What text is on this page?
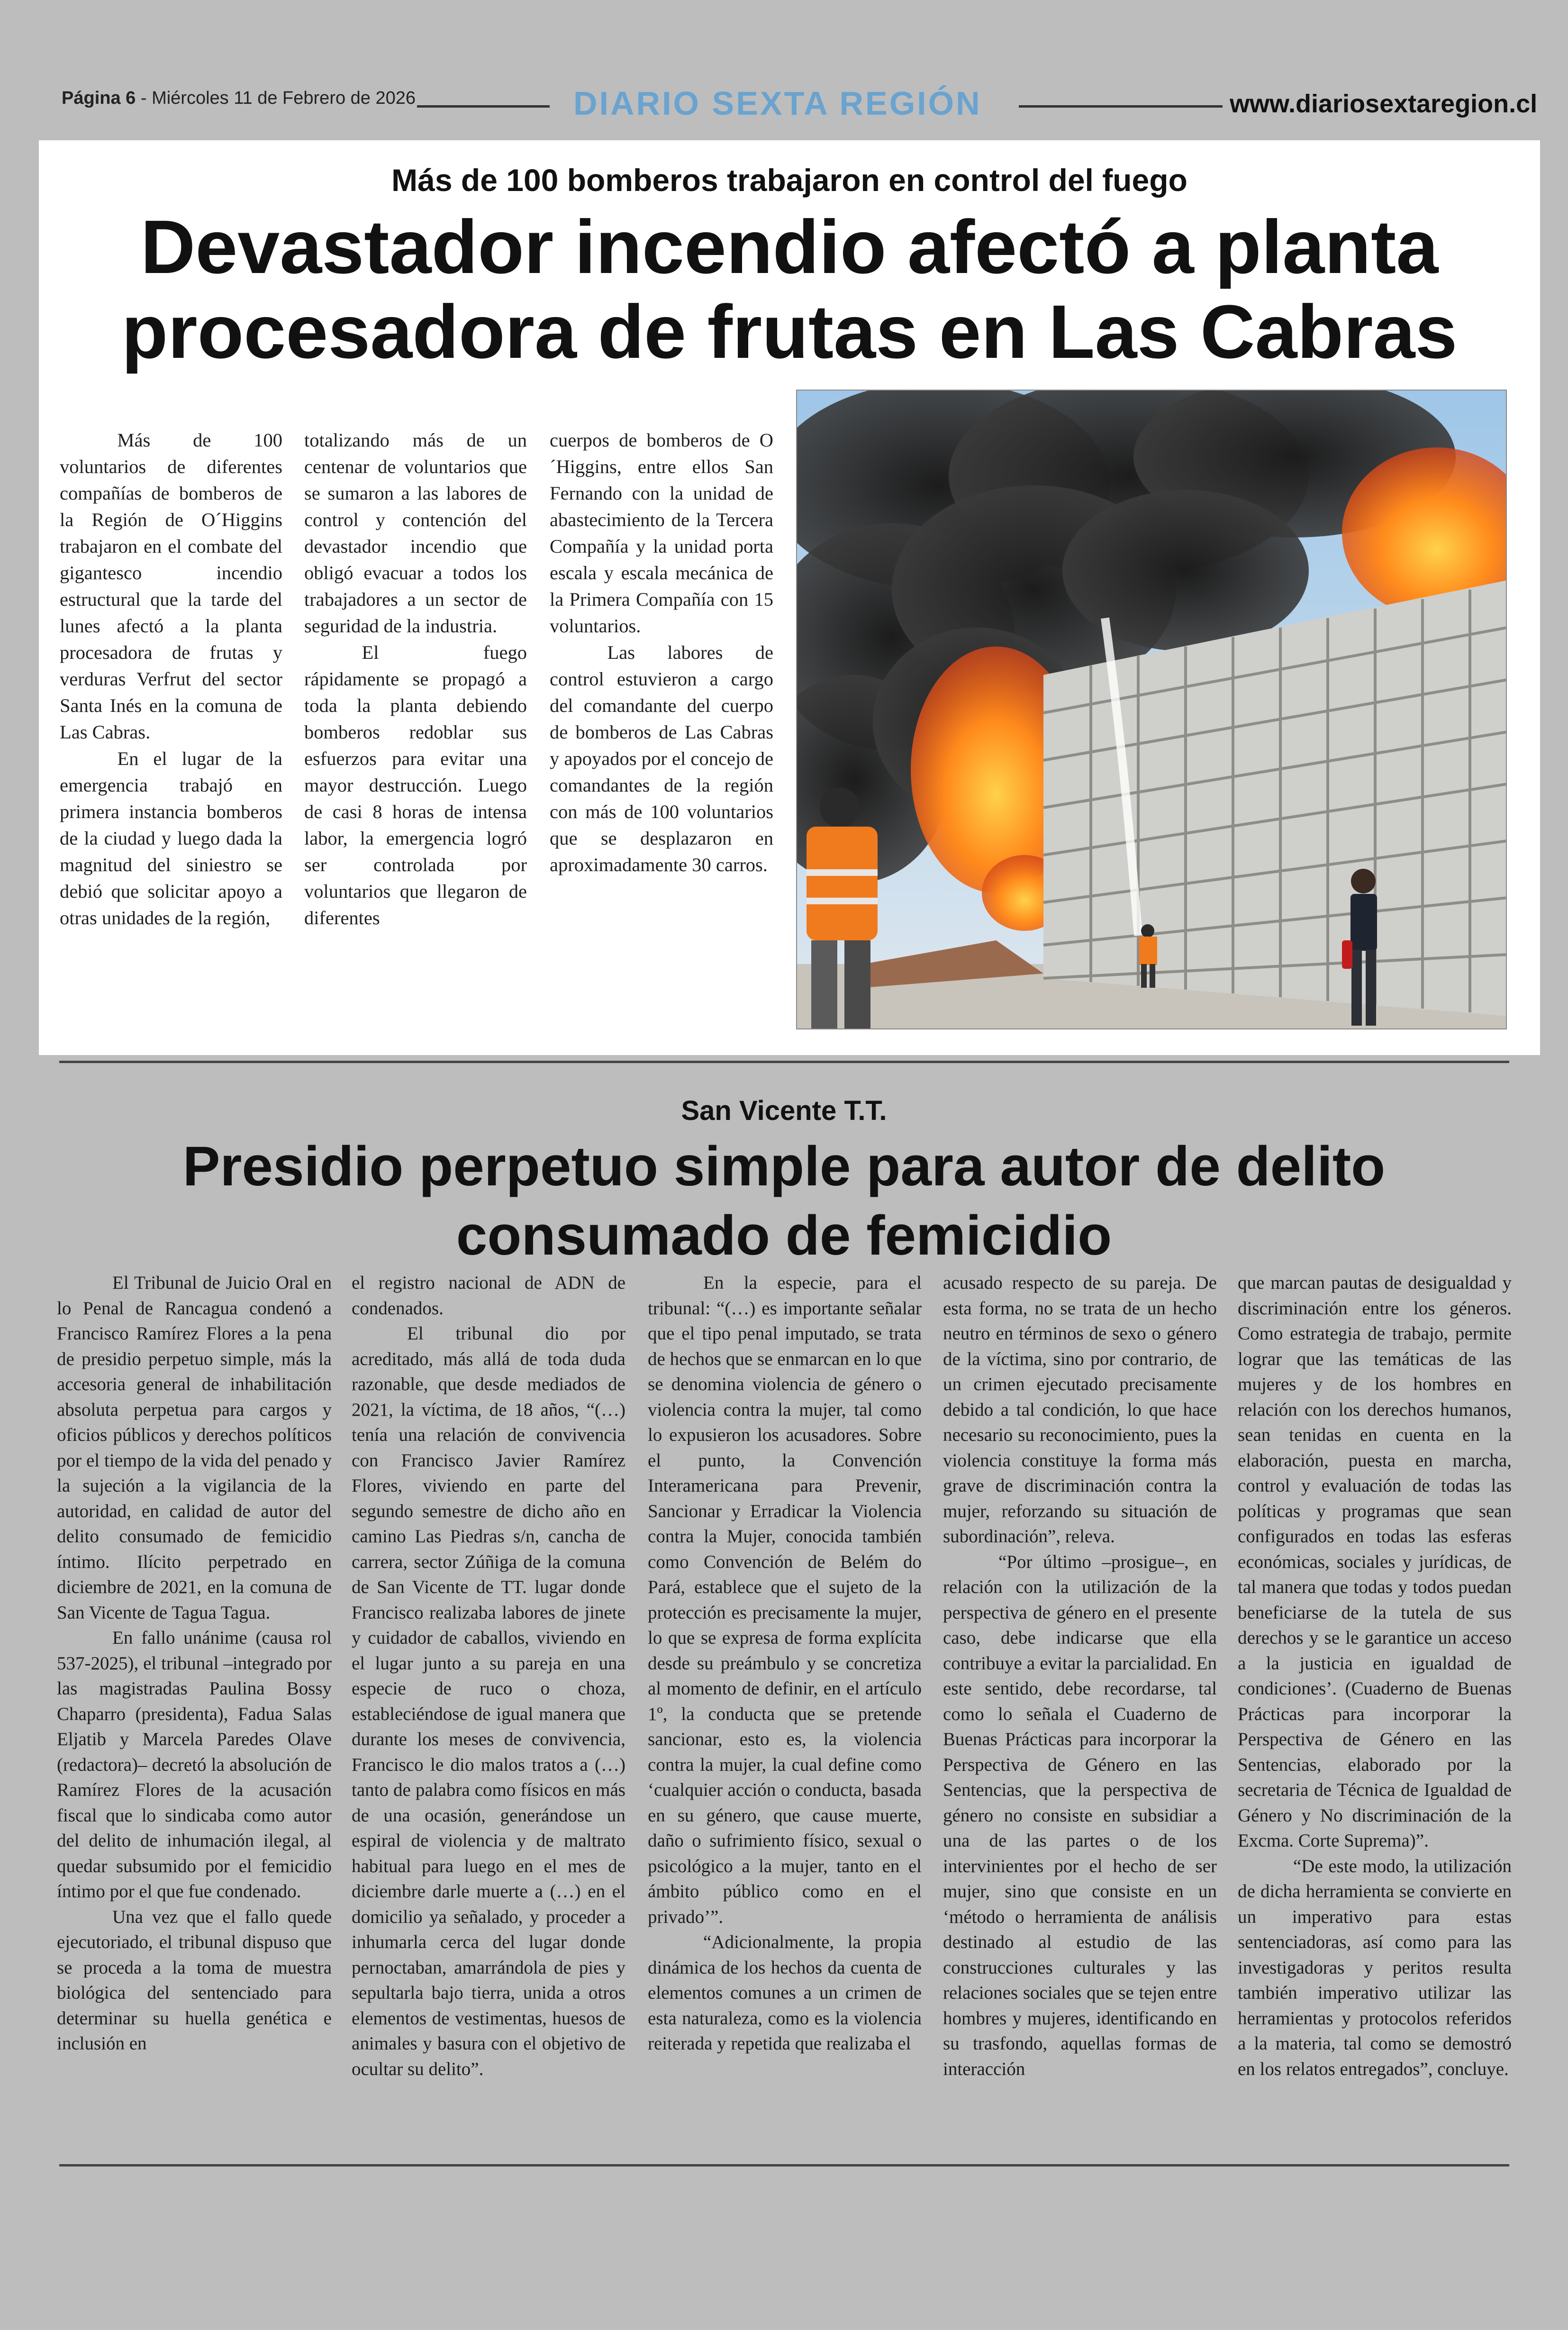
Página 6 - Miércoles 11 de Febrero de 2026	DIARIO SEXTA REGIÓN	www.diariosextaregion.cl
Más de 100 bomberos trabajaron en control del fuego
Devastador incendio afectó a planta
procesadora de frutas en Las Cabras

Más de 100 voluntarios de diferentes compañías de bomberos de la Región de O´Higgins trabajaron en el combate del gigantesco incendio estructural que la tarde del lunes afectó a la planta procesadora de frutas y verduras Verfrut del sector Santa Inés en la comuna de Las Cabras.

En el lugar de la emergencia trabajó en primera instancia bomberos de la ciudad y luego dada la magnitud del siniestro se debió que solicitar apoyo a otras unidades de la región,

totalizando más de un centenar de voluntarios que se sumaron a las labores de control y contención del devastador incendio que obligó evacuar a todos los trabajadores a un sector de seguridad de la industria.

El fuego rápidamente se propagó a toda la planta debiendo bomberos redoblar sus esfuerzos para evitar una mayor destrucción. Luego de casi 8 horas de intensa labor, la emergencia logró ser controlada por voluntarios que llegaron de diferentes

cuerpos de bomberos de O´Higgins, entre ellos San Fernando con la unidad de abastecimiento de la Tercera Compañía y la unidad porta escala y escala mecánica de la Primera Compañía con 15 voluntarios.

Las labores de control estuvieron a cargo del comandante del cuerpo de bomberos de Las Cabras y apoyados por el concejo de comandantes de la región con más de 100 voluntarios que se desplazaron en aproximadamente 30 carros.

San Vicente T.T.
Presidio perpetuo simple para autor de delito
consumado de femicidio

El Tribunal de Juicio Oral en lo Penal de Rancagua condenó a Francisco Ramírez Flores a la pena de presidio perpetuo simple, más la accesoria general de inhabilitación absoluta perpetua para cargos y oficios públicos y derechos políticos por el tiempo de la vida del penado y la sujeción a la vigilancia de la autoridad, en calidad de autor del delito consumado de femicidio íntimo. Ilícito perpetrado en diciembre de 2021, en la comuna de San Vicente de Tagua Tagua.

En fallo unánime (causa rol 537-2025), el tribunal –integrado por las magistradas Paulina Bossy Chaparro (presidenta), Fadua Salas Eljatib y Marcela Paredes Olave (redactora)– decretó la absolución de Ramírez Flores de la acusación fiscal que lo sindicaba como autor del delito de inhumación ilegal, al quedar subsumido por el femicidio íntimo por el que fue condenado.

Una vez que el fallo quede ejecutoriado, el tribunal dispuso que se proceda a la toma de muestra biológica del sentenciado para determinar su huella genética e inclusión en

el registro nacional de ADN de condenados.

El tribunal dio por acreditado, más allá de toda duda razonable, que desde mediados de 2021, la víctima, de 18 años, “(…) tenía una relación de convivencia con Francisco Javier Ramírez Flores, viviendo en parte del segundo semestre de dicho año en camino Las Piedras s/n, cancha de carrera, sector Zúñiga de la comuna de San Vicente de TT. lugar donde Francisco realizaba labores de jinete y cuidador de caballos, viviendo en el lugar junto a su pareja en una especie de ruco o choza, estableciéndose de igual manera que durante los meses de convivencia, Francisco le dio malos tratos a (…) tanto de palabra como físicos en más de una ocasión, generándose un espiral de violencia y de maltrato habitual para luego en el mes de diciembre darle muerte a (…) en el domicilio ya señalado, y proceder a inhumarla cerca del lugar donde pernoctaban, amarrándola de pies y sepultarla bajo tierra, unida a otros elementos de vestimentas, huesos de animales y basura con el objetivo de ocultar su delito”.

En la especie, para el tribunal: “(…) es importante señalar que el tipo penal imputado, se trata de hechos que se enmarcan en lo que se denomina violencia de género o violencia contra la mujer, tal como lo expusieron los acusadores. Sobre el punto, la Convención Interamericana para Prevenir, Sancionar y Erradicar la Violencia contra la Mujer, conocida también como Convención de Belém do Pará, establece que el sujeto de la protección es precisamente la mujer, lo que se expresa de forma explícita desde su preámbulo y se concretiza al momento de definir, en el artículo 1º, la conducta que se pretende sancionar, esto es, la violencia contra la mujer, la cual define como ‘cualquier acción o conducta, basada en su género, que cause muerte, daño o sufrimiento físico, sexual o psicológico a la mujer, tanto en el ámbito público como en el privado’”.

“Adicionalmente, la propia dinámica de los hechos da cuenta de elementos comunes a un crimen de esta naturaleza, como es la violencia reiterada y repetida que realizaba el

acusado respecto de su pareja. De esta forma, no se trata de un hecho neutro en términos de sexo o género de la víctima, sino por contrario, de un crimen ejecutado precisamente debido a tal condición, lo que hace necesario su reconocimiento, pues la violencia constituye la forma más grave de discriminación contra la mujer, reforzando su situación de subordinación”, releva.

“Por último –prosigue–, en relación con la utilización de la perspectiva de género en el presente caso, debe indicarse que ella contribuye a evitar la parcialidad. En este sentido, debe recordarse, tal como lo señala el Cuaderno de Buenas Prácticas para incorporar la Perspectiva de Género en las Sentencias, que la perspectiva de género no consiste en subsidiar a una de las partes o de los intervinientes por el hecho de ser mujer, sino que consiste en un ‘método o herramienta de análisis destinado al estudio de las construcciones culturales y las relaciones sociales que se tejen entre hombres y mujeres, identificando en su trasfondo, aquellas formas de interacción

que marcan pautas de desigualdad y discriminación entre los géneros. Como estrategia de trabajo, permite lograr que las temáticas de las mujeres y de los hombres en relación con los derechos humanos, sean tenidas en cuenta en la elaboración, puesta en marcha, control y evaluación de todas las políticas y programas que sean configurados en todas las esferas económicas, sociales y jurídicas, de tal manera que todas y todos puedan beneficiarse de la tutela de sus derechos y se le garantice un acceso a la justicia en igualdad de condiciones’. (Cuaderno de Buenas Prácticas para incorporar la Perspectiva de Género en las Sentencias, elaborado por la secretaria de Técnica de Igualdad de Género y No discriminación de la Excma. Corte Suprema)”.

“De este modo, la utilización de dicha herramienta se convierte en un imperativo para estas sentenciadoras, así como para las investigadoras y peritos resulta también imperativo utilizar las herramientas y protocolos referidos a la materia, tal como se demostró en los relatos entregados”, concluye.
